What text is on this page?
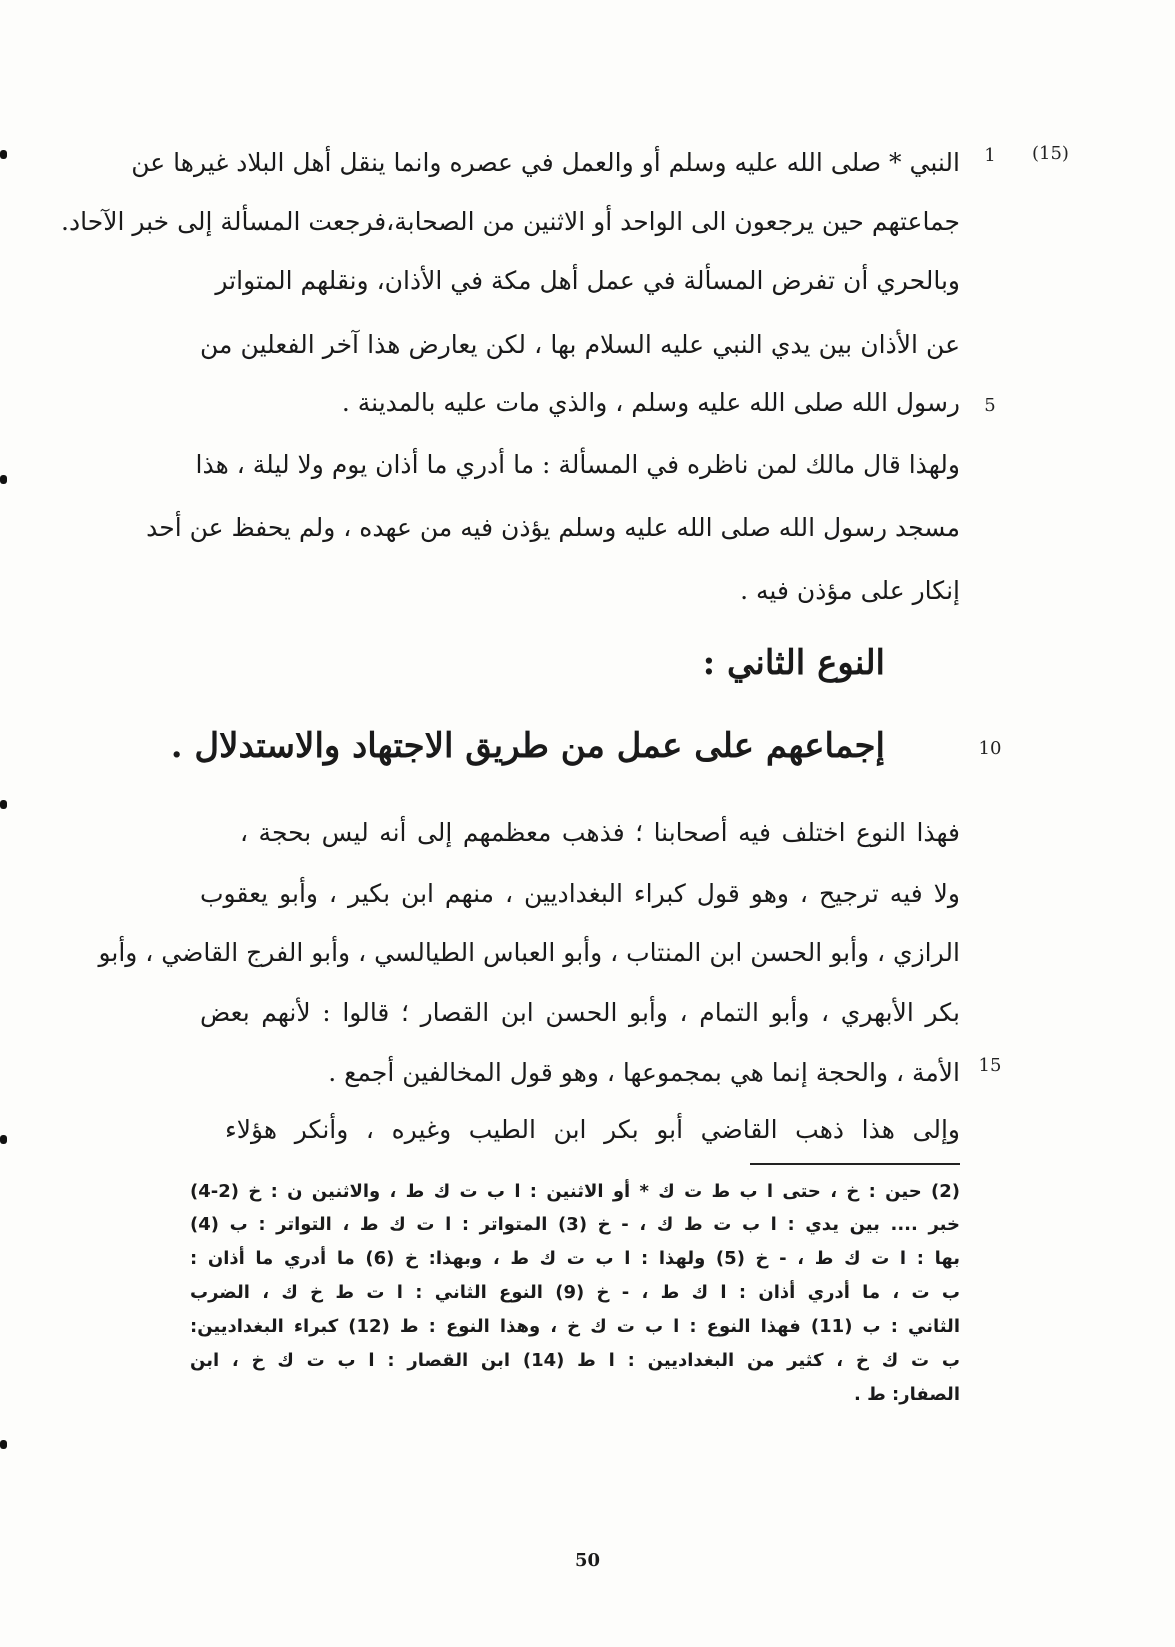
(15)
1
5
10
15
النبي * صلى الله عليه وسلم أو والعمل في عصره وانما ينقل أهل البلاد غيرها عن
جماعتهم حين يرجعون الى الواحد أو الاثنين من الصحابة،فرجعت المسألة إلى خبر الآحاد.
وبالحري أن تفرض المسألة في عمل أهل مكة في الأذان، ونقلهم المتواتر
عن الأذان بين يدي النبي عليه السلام بها ، لكن يعارض هذا آخر الفعلين من
رسول الله صلى الله عليه وسلم ، والذي مات عليه بالمدينة .
ولهذا قال مالك لمن ناظره في المسألة : ما أدري ما أذان يوم ولا ليلة ، هذا
مسجد رسول الله صلى الله عليه وسلم يؤذن فيه من عهده ، ولم يحفظ عن أحد
إنكار على مؤذن فيه .
النوع الثاني :
إجماعهم على عمل من طريق الاجتهاد والاستدلال .
فهذا النوع اختلف فيه أصحابنا ؛ فذهب معظمهم إلى أنه ليس بحجة ،
ولا فيه ترجيح ، وهو قول كبراء البغداديين ، منهم ابن بكير ، وأبو يعقوب
الرازي ، وأبو الحسن ابن المنتاب ، وأبو العباس الطيالسي ، وأبو الفرج القاضي ، وأبو
بكر الأبهري ، وأبو التمام ، وأبو الحسن ابن القصار ؛ قالوا : لأنهم بعض
الأمة ، والحجة إنما هي بمجموعها ، وهو قول المخالفين أجمع .
وإلى هذا ذهب القاضي أبو بكر ابن الطيب وغيره ، وأنكر هؤلاء
(2) حين : خ ، حتى ا ب ط ت ك * أو الاثنين : ا ب ت ك ط ، والاثنين ن : خ (2-4)
خبر .... بين يدي : ا ب ت ط ك ، - خ (3) المتواتر : ا ت ك ط ، التواتر : ب (4)
بها : ا ت ك ط ، - خ (5) ولهذا : ا ب ت ك ط ، وبهذا: خ (6) ما أدري ما أذان :
ب ت ، ما أدري أذان : ا ك ط ، - خ (9) النوع الثاني : ا ت ط خ ك ، الضرب
الثاني : ب (11) فهذا النوع : ا ب ت ك خ ، وهذا النوع : ط (12) كبراء البغداديين:
ب ت ك خ ، كثير من البغداديين : ا ط (14) ابن القصار : ا ب ت ك خ ، ابن
الصفار: ط .
50
